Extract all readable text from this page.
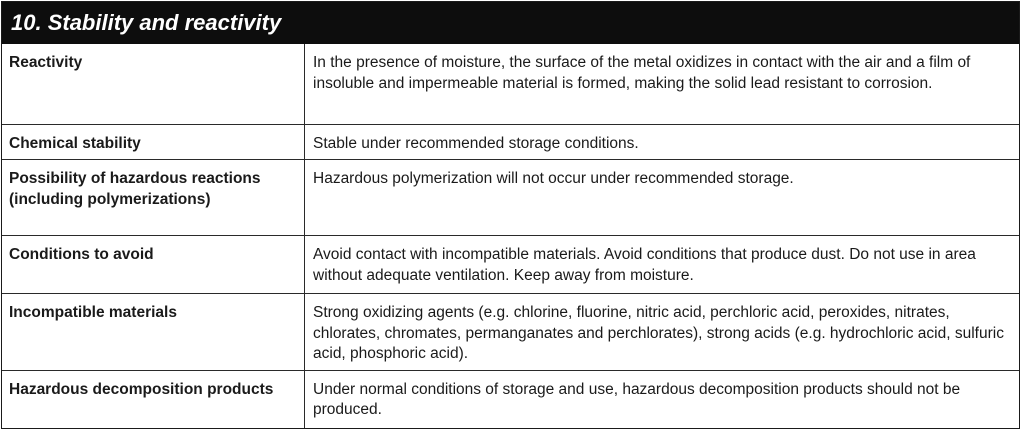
10. Stability and reactivity
Reactivity	In the presence of moisture, the surface of the metal oxidizes in contact with the air and a film of insoluble and impermeable material is formed, making the solid lead resistant to corrosion.
Chemical stability	Stable under recommended storage conditions.
Possibility of hazardous reactions (including polymerizations)	Hazardous polymerization will not occur under recommended storage.
Conditions to avoid	Avoid contact with incompatible materials. Avoid conditions that produce dust. Do not use in area without adequate ventilation. Keep away from moisture.
Incompatible materials	Strong oxidizing agents (e.g. chlorine, fluorine, nitric acid, perchloric acid, peroxides, nitrates, chlorates, chromates, permanganates and perchlorates), strong acids (e.g. hydrochloric acid, sulfuric acid, phosphoric acid).
Hazardous decomposition products	Under normal conditions of storage and use, hazardous decomposition products should not be produced.
